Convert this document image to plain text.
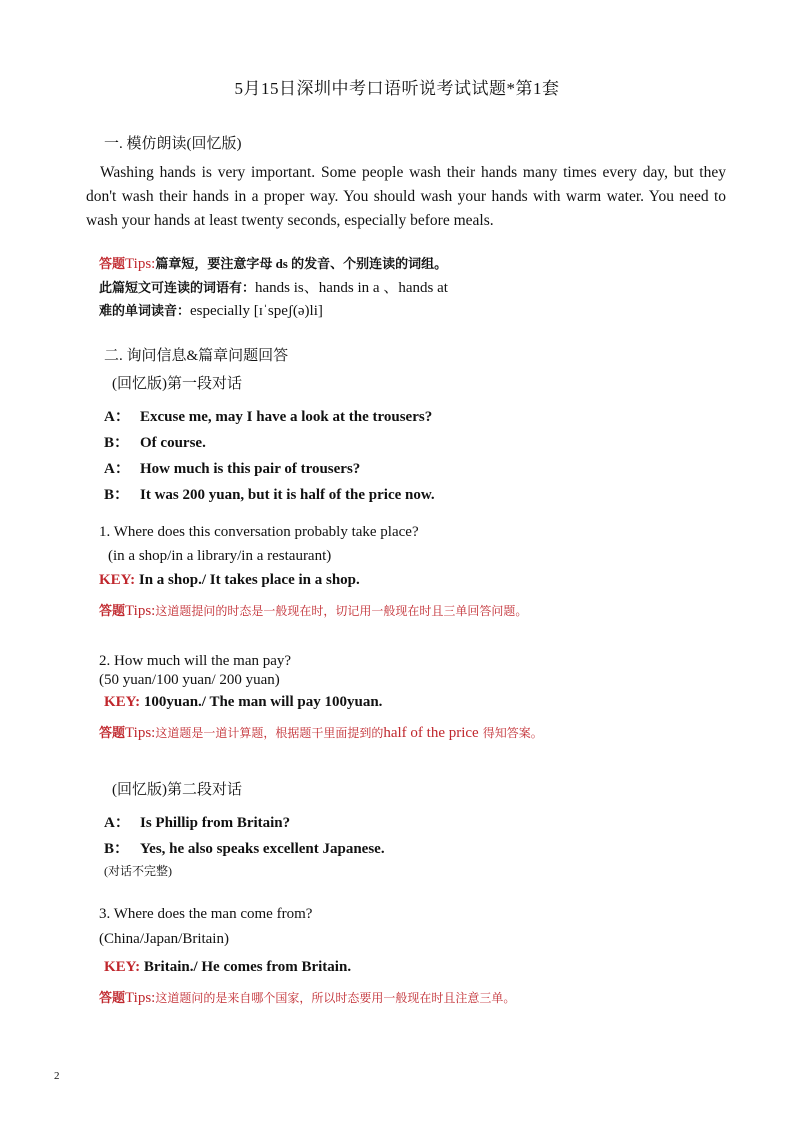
5月15日深圳中考口语听说考试试题*第1套
一. 模仿朗读(回忆版)
Washing hands is very important. Some people wash their hands many times every day, but they don't wash their hands in a proper way. You should wash your hands with warm water. You need to wash your hands at least twenty seconds, especially before meals.
答题Tips:篇章短，要注意字母 ds 的发音、个别连读的词组。
此篇短文可连读的词语有：hands is、hands in a 、hands at
难的单词读音：especially [ɪˈspeʃ(ə)li]
二. 询问信息&篇章问题回答
(回忆版)第一段对话
A： Excuse me, may I have a look at the trousers?
B： Of course.
A： How much is this pair of trousers?
B： It was 200 yuan, but it is half of the price now.
1. Where does this conversation probably take place?
(in a shop/in a library/in a restaurant)
KEY: In a shop./ It takes place in a shop.
答题Tips:这道题提问的时态是一般现在时，切记用一般现在时且三单回答问题。
2. How much will the man pay?
(50 yuan/100 yuan/ 200 yuan)
KEY: 100yuan./ The man will pay 100yuan.
答题Tips:这道题是一道计算题，根据题干里面提到的half of the price 得知答案。
(回忆版)第二段对话
A： Is Phillip from Britain?
B： Yes, he also speaks excellent Japanese.
(对话不完整)
3. Where does the man come from?
(China/Japan/Britain)
KEY: Britain./ He comes from Britain.
答题Tips:这道题问的是来自哪个国家，所以时态要用一般现在时且注意三单。
2
